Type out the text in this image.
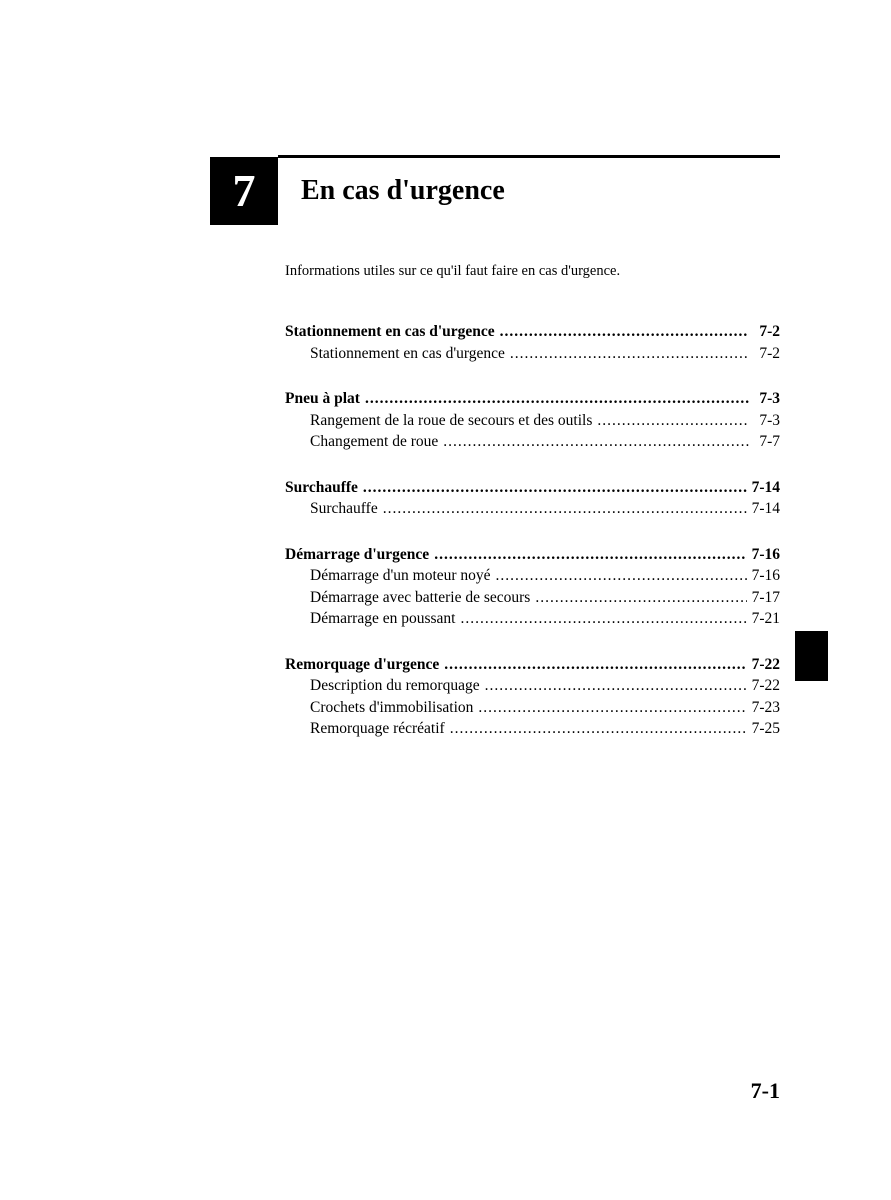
7 En cas d'urgence
Informations utiles sur ce qu'il faut faire en cas d'urgence.
Stationnement en cas d'urgence .....	7-2
Stationnement en cas d'urgence .....	7-2
Pneu à plat .....	7-3
Rangement de la roue de secours et des outils .....	7-3
Changement de roue .....	7-7
Surchauffe .....	7-14
Surchauffe .....	7-14
Démarrage d'urgence .....	7-16
Démarrage d'un moteur noyé .....	7-16
Démarrage avec batterie de secours .....	7-17
Démarrage en poussant .....	7-21
Remorquage d'urgence .....	7-22
Description du remorquage .....	7-22
Crochets d'immobilisation .....	7-23
Remorquage récréatif .....	7-25
7-1
